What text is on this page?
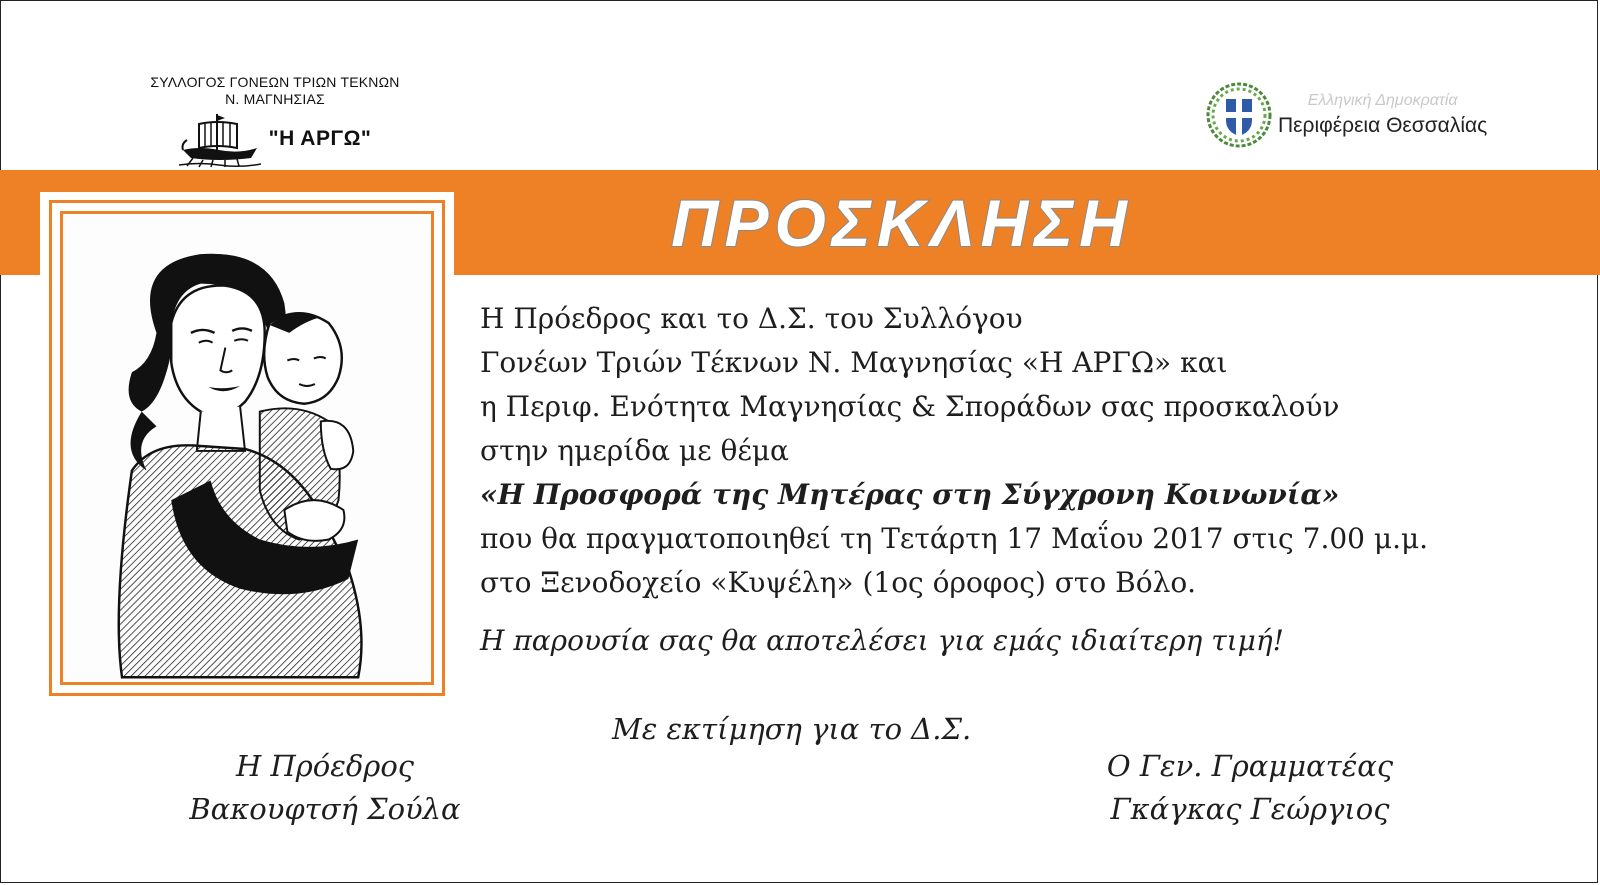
ΣΥΛΛΟΓΟΣ ΓΟΝΕΩΝ ΤΡΙΩΝ ΤΕΚΝΩΝ
Ν. ΜΑΓΝΗΣΙΑΣ
"Η ΑΡΓΩ"
Ελληνική Δημοκρατία
Περιφέρεια Θεσσαλίας
ΠΡΟΣΚΛΗΣΗ
Η Πρόεδρος και το Δ.Σ. του Συλλόγου
Γονέων Τριών Τέκνων Ν. Μαγνησίας «Η ΑΡΓΩ» και
η Περιφ. Ενότητα Μαγνησίας & Σποράδων σας προσκαλούν
στην ημερίδα με θέμα
«Η Προσφορά της Μητέρας στη Σύγχρονη Κοινωνία»
που θα πραγματοποιηθεί τη Τετάρτη 17 Μαΐου 2017 στις 7.00 μ.μ.
στο Ξενοδοχείο «Κυψέλη» (1ος όροφος) στο Βόλο.
Η παρουσία σας θα αποτελέσει για εμάς ιδιαίτερη τιμή!
Με εκτίμηση για το Δ.Σ.
Η Πρόεδρος
Βακουφτσή Σούλα
Ο Γεν. Γραμματέας
Γκάγκας Γεώργιος
